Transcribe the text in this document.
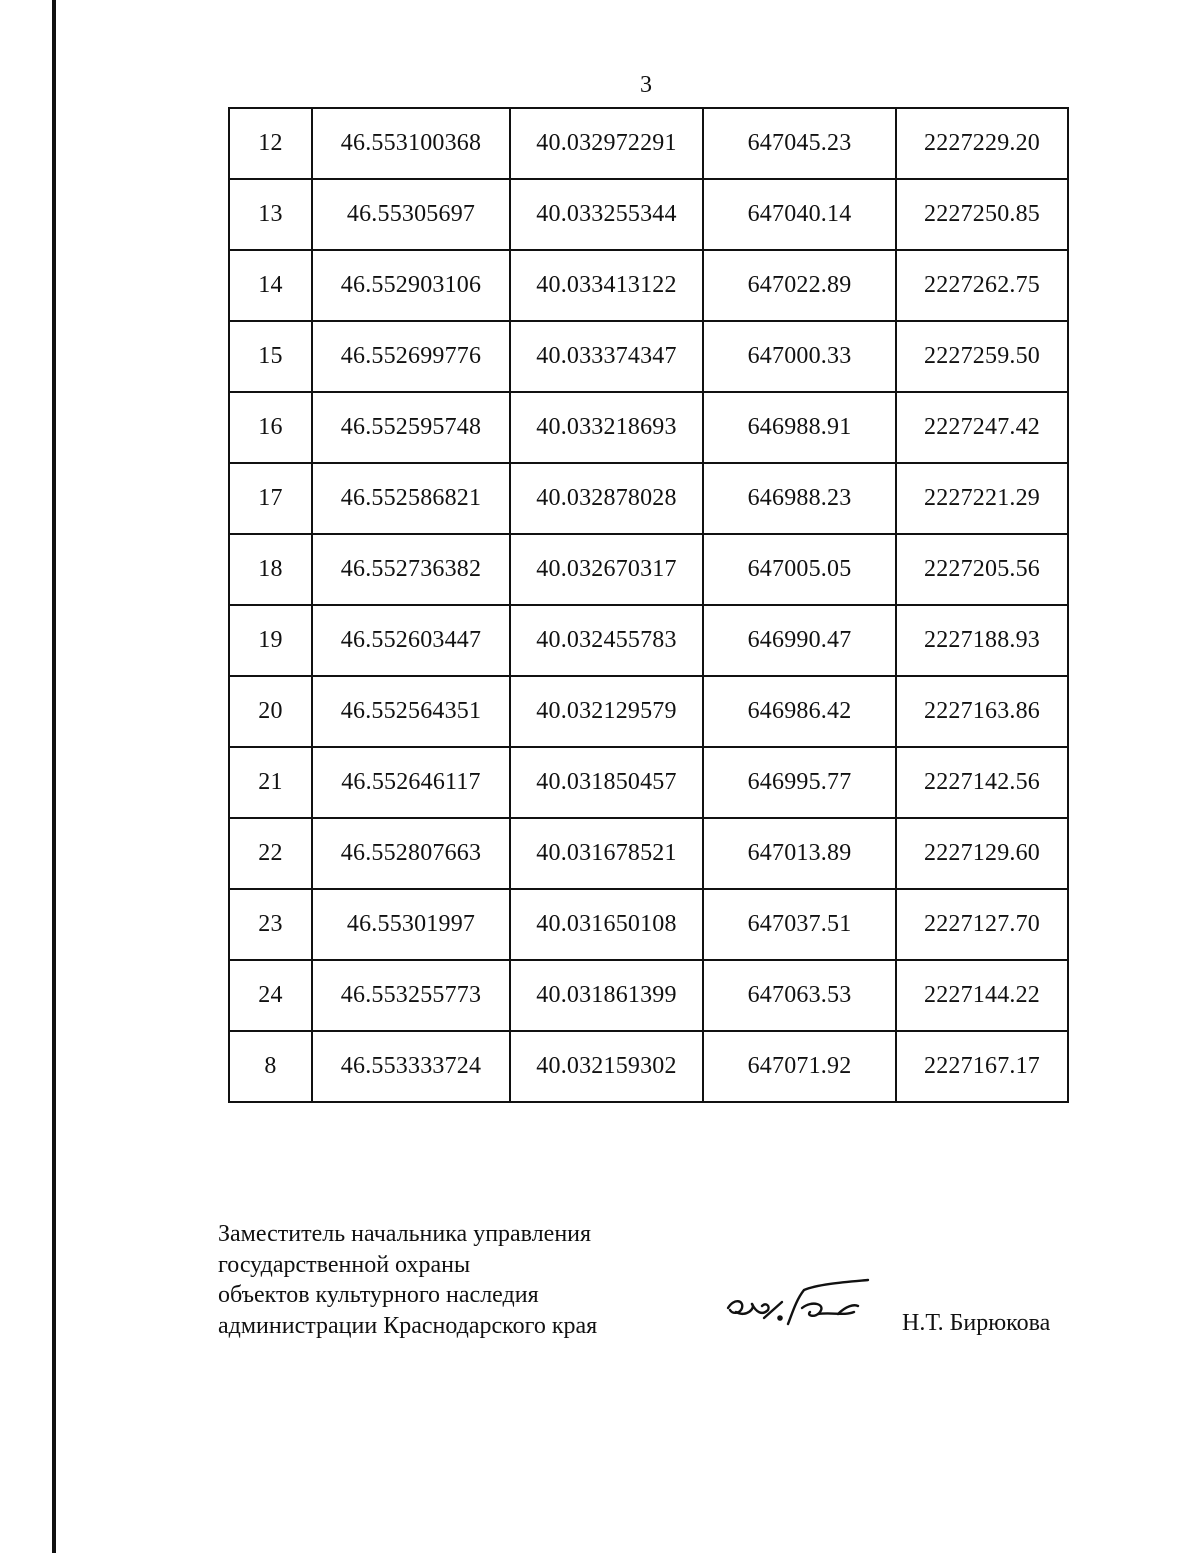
3
12	46.553100368	40.032972291	647045.23	2227229.20
13	46.55305697	40.033255344	647040.14	2227250.85
14	46.552903106	40.033413122	647022.89	2227262.75
15	46.552699776	40.033374347	647000.33	2227259.50
16	46.552595748	40.033218693	646988.91	2227247.42
17	46.552586821	40.032878028	646988.23	2227221.29
18	46.552736382	40.032670317	647005.05	2227205.56
19	46.552603447	40.032455783	646990.47	2227188.93
20	46.552564351	40.032129579	646986.42	2227163.86
21	46.552646117	40.031850457	646995.77	2227142.56
22	46.552807663	40.031678521	647013.89	2227129.60
23	46.55301997	40.031650108	647037.51	2227127.70
24	46.553255773	40.031861399	647063.53	2227144.22
8	46.553333724	40.032159302	647071.92	2227167.17
Заместитель начальника управления
государственной охраны
объектов культурного наследия
администрации Краснодарского края	Н.Т. Бирюкова
